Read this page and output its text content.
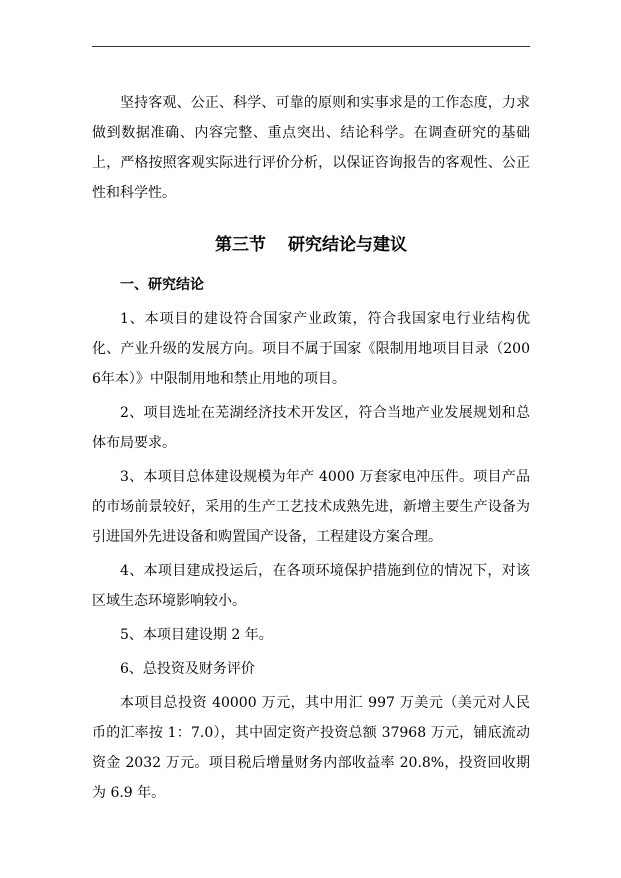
坚持客观、公正、科学、可靠的原则和实事求是的工作态度，力求做到数据准确、内容完整、重点突出、结论科学。在调查研究的基础上，严格按照客观实际进行评价分析，以保证咨询报告的客观性、公正性和科学性。

第三节 研究结论与建议
一、研究结论

1、本项目的建设符合国家产业政策，符合我国家电行业结构优化、产业升级的发展方向。项目不属于国家《限制用地项目目录（2006年本）》中限制用地和禁止用地的项目。

2、项目选址在芜湖经济技术开发区，符合当地产业发展规划和总体布局要求。

3、本项目总体建设规模为年产 4000 万套家电冲压件。项目产品的市场前景较好，采用的生产工艺技术成熟先进，新增主要生产设备为引进国外先进设备和购置国产设备，工程建设方案合理。

4、本项目建成投运后，在各项环境保护措施到位的情况下，对该区域生态环境影响较小。

5、本项目建设期 2 年。

6、总投资及财务评价

本项目总投资 40000 万元，其中用汇 997 万美元（美元对人民币的汇率按 1：7.0），其中固定资产投资总额 37968 万元，铺底流动资金 2032 万元。项目税后增量财务内部收益率 20.8%，投资回收期为 6.9 年。
